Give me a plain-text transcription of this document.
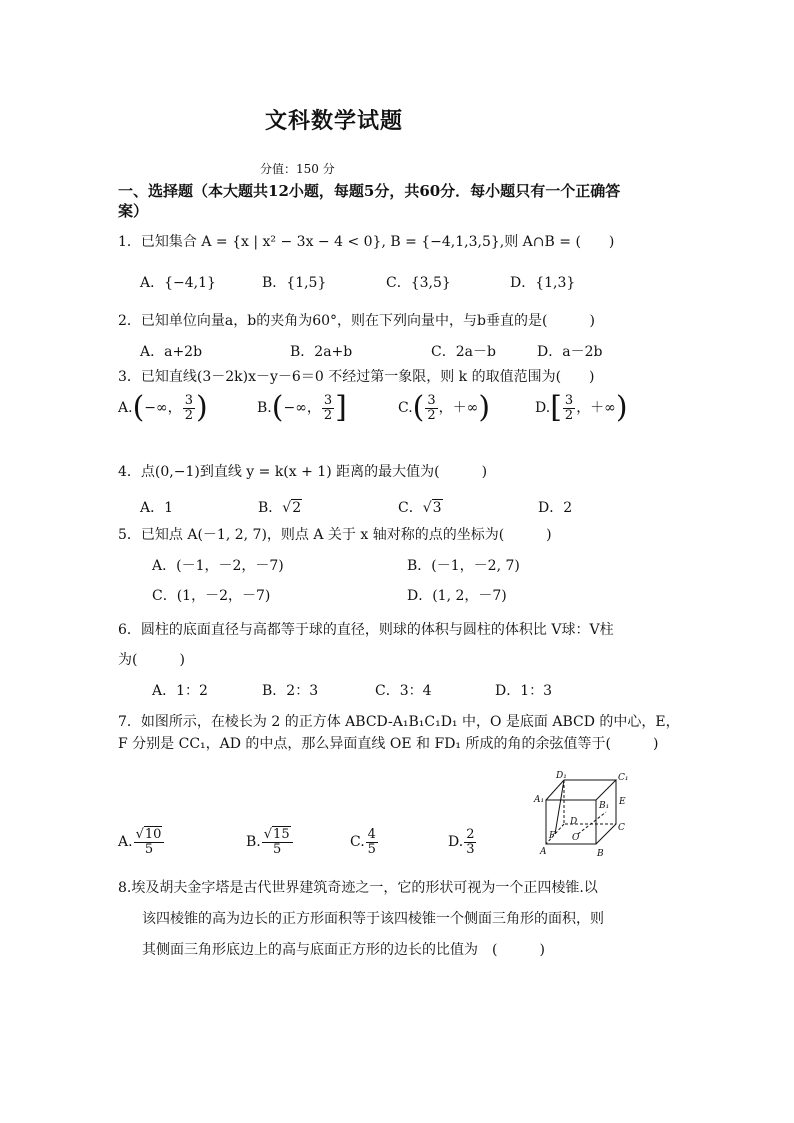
文科数学试题
分值：150 分
一、选择题（本大题共12小题，每题5分，共60分．每小题只有一个正确答
案）
1．已知集合 A = {x | x² − 3x − 4 < 0}, B = {−4,1,3,5},则 A∩B = (　　)
A．{−4,1}	B．{1,5}	C．{3,5}	D．{1,3}
2．已知单位向量a，b的夹角为60°，则在下列向量中，与b垂直的是(　　　)
A．a+2b	B．2a+b	C．2a－b	D．a－2b
3．已知直线(3－2k)x－y－6＝0 不经过第一象限，则 k 的取值范围为(　　)
A.(−∞， $\frac{3}{2}$ )	B.(−∞， $\frac{3}{2}$ ]	$C.( \frac{3}{2}$ ，＋∞)	$D.[ \frac{3}{2}$ ，＋∞)
4．点(0,−1)到直线 y = k(x + 1) 距离的最大值为(　　　)
A．1	B．√2	C．√3	D．2
5．已知点 A(－1, 2, 7)，则点 A 关于 x 轴对称的点的坐标为(　　　)
A．(－1，－2，－7)	B．(－1，－2, 7)
C．(1，－2，－7)	D．(1, 2，－7)
6．圆柱的底面直径与高都等于球的直径，则球的体积与圆柱的体积比 V球：V柱
为(　　　)
A．1：2	B．2：3	C．3：4	D．1：3
7．如图所示，在棱长为 2 的正方体 ABCD-A₁B₁C₁D₁ 中，O 是底面 ABCD 的中心，E，
F 分别是 CC₁，AD 的中点，那么异面直线 OE 和 FD₁ 所成的角的余弦值等于(　　　)
D₁	C₁
A₁
B₁ E
C
D
F O
A	B
A. $\frac{√10}{5}$	B. $\frac{√15}{5}$	C. $\frac{4}{5}$	D. $\frac{2}{3}$
8.埃及胡夫金字塔是古代世界建筑奇迹之一，它的形状可视为一个正四棱锥.以
该四棱锥的高为边长的正方形面积等于该四棱锥一个侧面三角形的面积，则
其侧面三角形底边上的高与底面正方形的边长的比值为　(　　　)
